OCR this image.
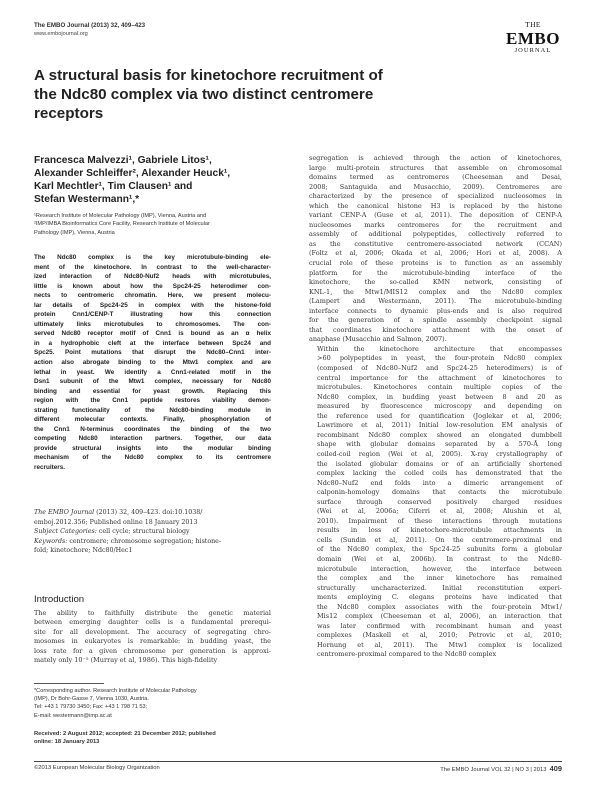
The EMBO Journal (2013) 32, 409–423
www.embojournal.org
THE
EMBO
JOURNAL
A structural basis for kinetochore recruitment of
the Ndc80 complex via two distinct centromere
receptors
Francesca Malvezzi¹, Gabriele Litos¹,
Alexander Schleiffer², Alexander Heuck¹,
Karl Mechtler¹, Tim Clausen¹ and
Stefan Westermann¹,*
¹Research Institute of Molecular Pathology (IMP), Vienna, Austria and
²IMP/IMBA Bioinformatics Core Facility, Research Institute of Molecular
Pathology (IMP), Vienna, Austria
The Ndc80 complex is the key microtubule-binding ele-
ment of the kinetochore. In contrast to the well-character-
ized interaction of Ndc80-Nuf2 heads with microtubules,
little is known about how the Spc24-25 heterodimer con-
nects to centromeric chromatin. Here, we present molecu-
lar details of Spc24-25 in complex with the histone-fold
protein Cnn1/CENP-T illustrating how this connection
ultimately links microtubules to chromosomes. The con-
served Ndc80 receptor motif of Cnn1 is bound as an α helix
in a hydrophobic cleft at the interface between Spc24 and
Spc25. Point mutations that disrupt the Ndc80–Cnn1 inter-
action also abrogate binding to the Mtw1 complex and are
lethal in yeast. We identify a Cnn1-related motif in the
Dsn1 subunit of the Mtw1 complex, necessary for Ndc80
binding and essential for yeast growth. Replacing this
region with the Cnn1 peptide restores viability demon-
strating functionality of the Ndc80-binding module in
different molecular contexts. Finally, phosphorylation of
the Cnn1 N-terminus coordinates the binding of the two
competing Ndc80 interaction partners. Together, our data
provide structural insights into the modular binding
mechanism of the Ndc80 complex to its centromere
recruiters.
The EMBO Journal (2013) 32, 409–423. doi:10.1038/
emboj.2012.356; Published online 18 January 2013
Subject Categories: cell cycle; structural biology
Keywords: centromere; chromosome segregation; histone-
fold; kinetochore; Ndc80/Hec1
Introduction
The ability to faithfully distribute the genetic material
between emerging daughter cells is a fundamental prerequi-
site for all development. The accuracy of segregating chro-
mosomes in eukaryotes is remarkable: in budding yeast, the
loss rate for a given chromosome per generation is approxi-
mately only 10⁻⁵ (Murray et al, 1986). This high-fidelity
*Corresponding author. Research Institute of Molecular Pathology
(IMP), Dr Bohr-Gasse 7, Vienna 1030, Austria.
Tel: +43 1 79730 3450; Fax: +43 1 798 71 53;
E-mail: westermann@imp.ac.at
Received: 2 August 2012; accepted: 21 December 2012; published
online: 18 January 2013

segregation is achieved through the action of kinetochores,
large multi-protein structures that assemble on chromosomal
domains termed as centromeres (Cheeseman and Desai,
2008; Santaguida and Musacchio, 2009). Centromeres are
characterized by the presence of specialized nucleosomes in
which the canonical histone H3 is replaced by the histone
variant CENP-A (Guse et al, 2011). The deposition of CENP-A
nucleosomes marks centromeres for the recruitment and
assembly of additional polypeptides, collectively referred to
as the constitutive centromere-associated network (CCAN)
(Foltz et al, 2006; Okada et al, 2006; Hori et al, 2008). A
crucial role of these proteins is to function as an assembly
platform for the microtubule-binding interface of the
kinetochore, the so-called KMN network, consisting of
KNL-1, the Mtw1/MIS12 complex and the Ndc80 complex
(Lampert and Westermann, 2011). The microtubule-binding
interface connects to dynamic plus-ends and is also required
for the generation of a spindle assembly checkpoint signal
that coordinates kinetochore attachment with the onset of
anaphase (Musacchio and Salmon, 2007).

Within the kinetochore architecture that encompasses
>60 polypeptides in yeast, the four-protein Ndc80 complex
(composed of Ndc80–Nuf2 and Spc24-25 heterodimers) is of
central importance for the attachment of kinetochores to
microtubules. Kinetochores contain multiple copies of the
Ndc80 complex, in budding yeast between 8 and 20 as
measured by fluorescence microscopy and depending on
the reference used for quantification (Joglekar et al, 2006;
Lawrimore et al, 2011) Initial low-resolution EM analysis of
recombinant Ndc80 complex showed an elongated dumbbell
shape with globular domains separated by a 570-Å long
coiled-coil region (Wei et al, 2005). X-ray crystallography of
the isolated globular domains or of an artificially shortened
complex lacking the coiled coils has demonstrated that the
Ndc80–Nuf2 end folds into a dimeric arrangement of
calponin-homology domains that contacts the microtubule
surface through conserved positively charged residues
(Wei et al, 2006a; Ciferri et al, 2008; Alushin et al,
2010). Impairment of these interactions through mutations
results in loss of kinetochore-microtubule attachments in
cells (Sundin et al, 2011). On the centromere-proximal end
of the Ndc80 complex, the Spc24-25 subunits form a globular
domain (Wei et al, 2006b). In contrast to the Ndc80-
microtubule interaction, however, the interface between
the complex and the inner kinetochore has remained
structurally uncharacterized. Initial reconstitution experi-
ments employing C. elegans proteins have indicated that
the Ndc80 complex associates with the four-protein Mtw1/
Mis12 complex (Cheeseman et al, 2006), an interaction that
was later confirmed with recombinant human and yeast
complexes (Maskell et al, 2010; Petrovic et al, 2010;
Hornung et al, 2011). The Mtw1 complex is localized
centromere-proximal compared to the Ndc80 complex

©2013 European Molecular Biology Organization	The EMBO Journal VOL 32 | NO 3 | 2013 409
